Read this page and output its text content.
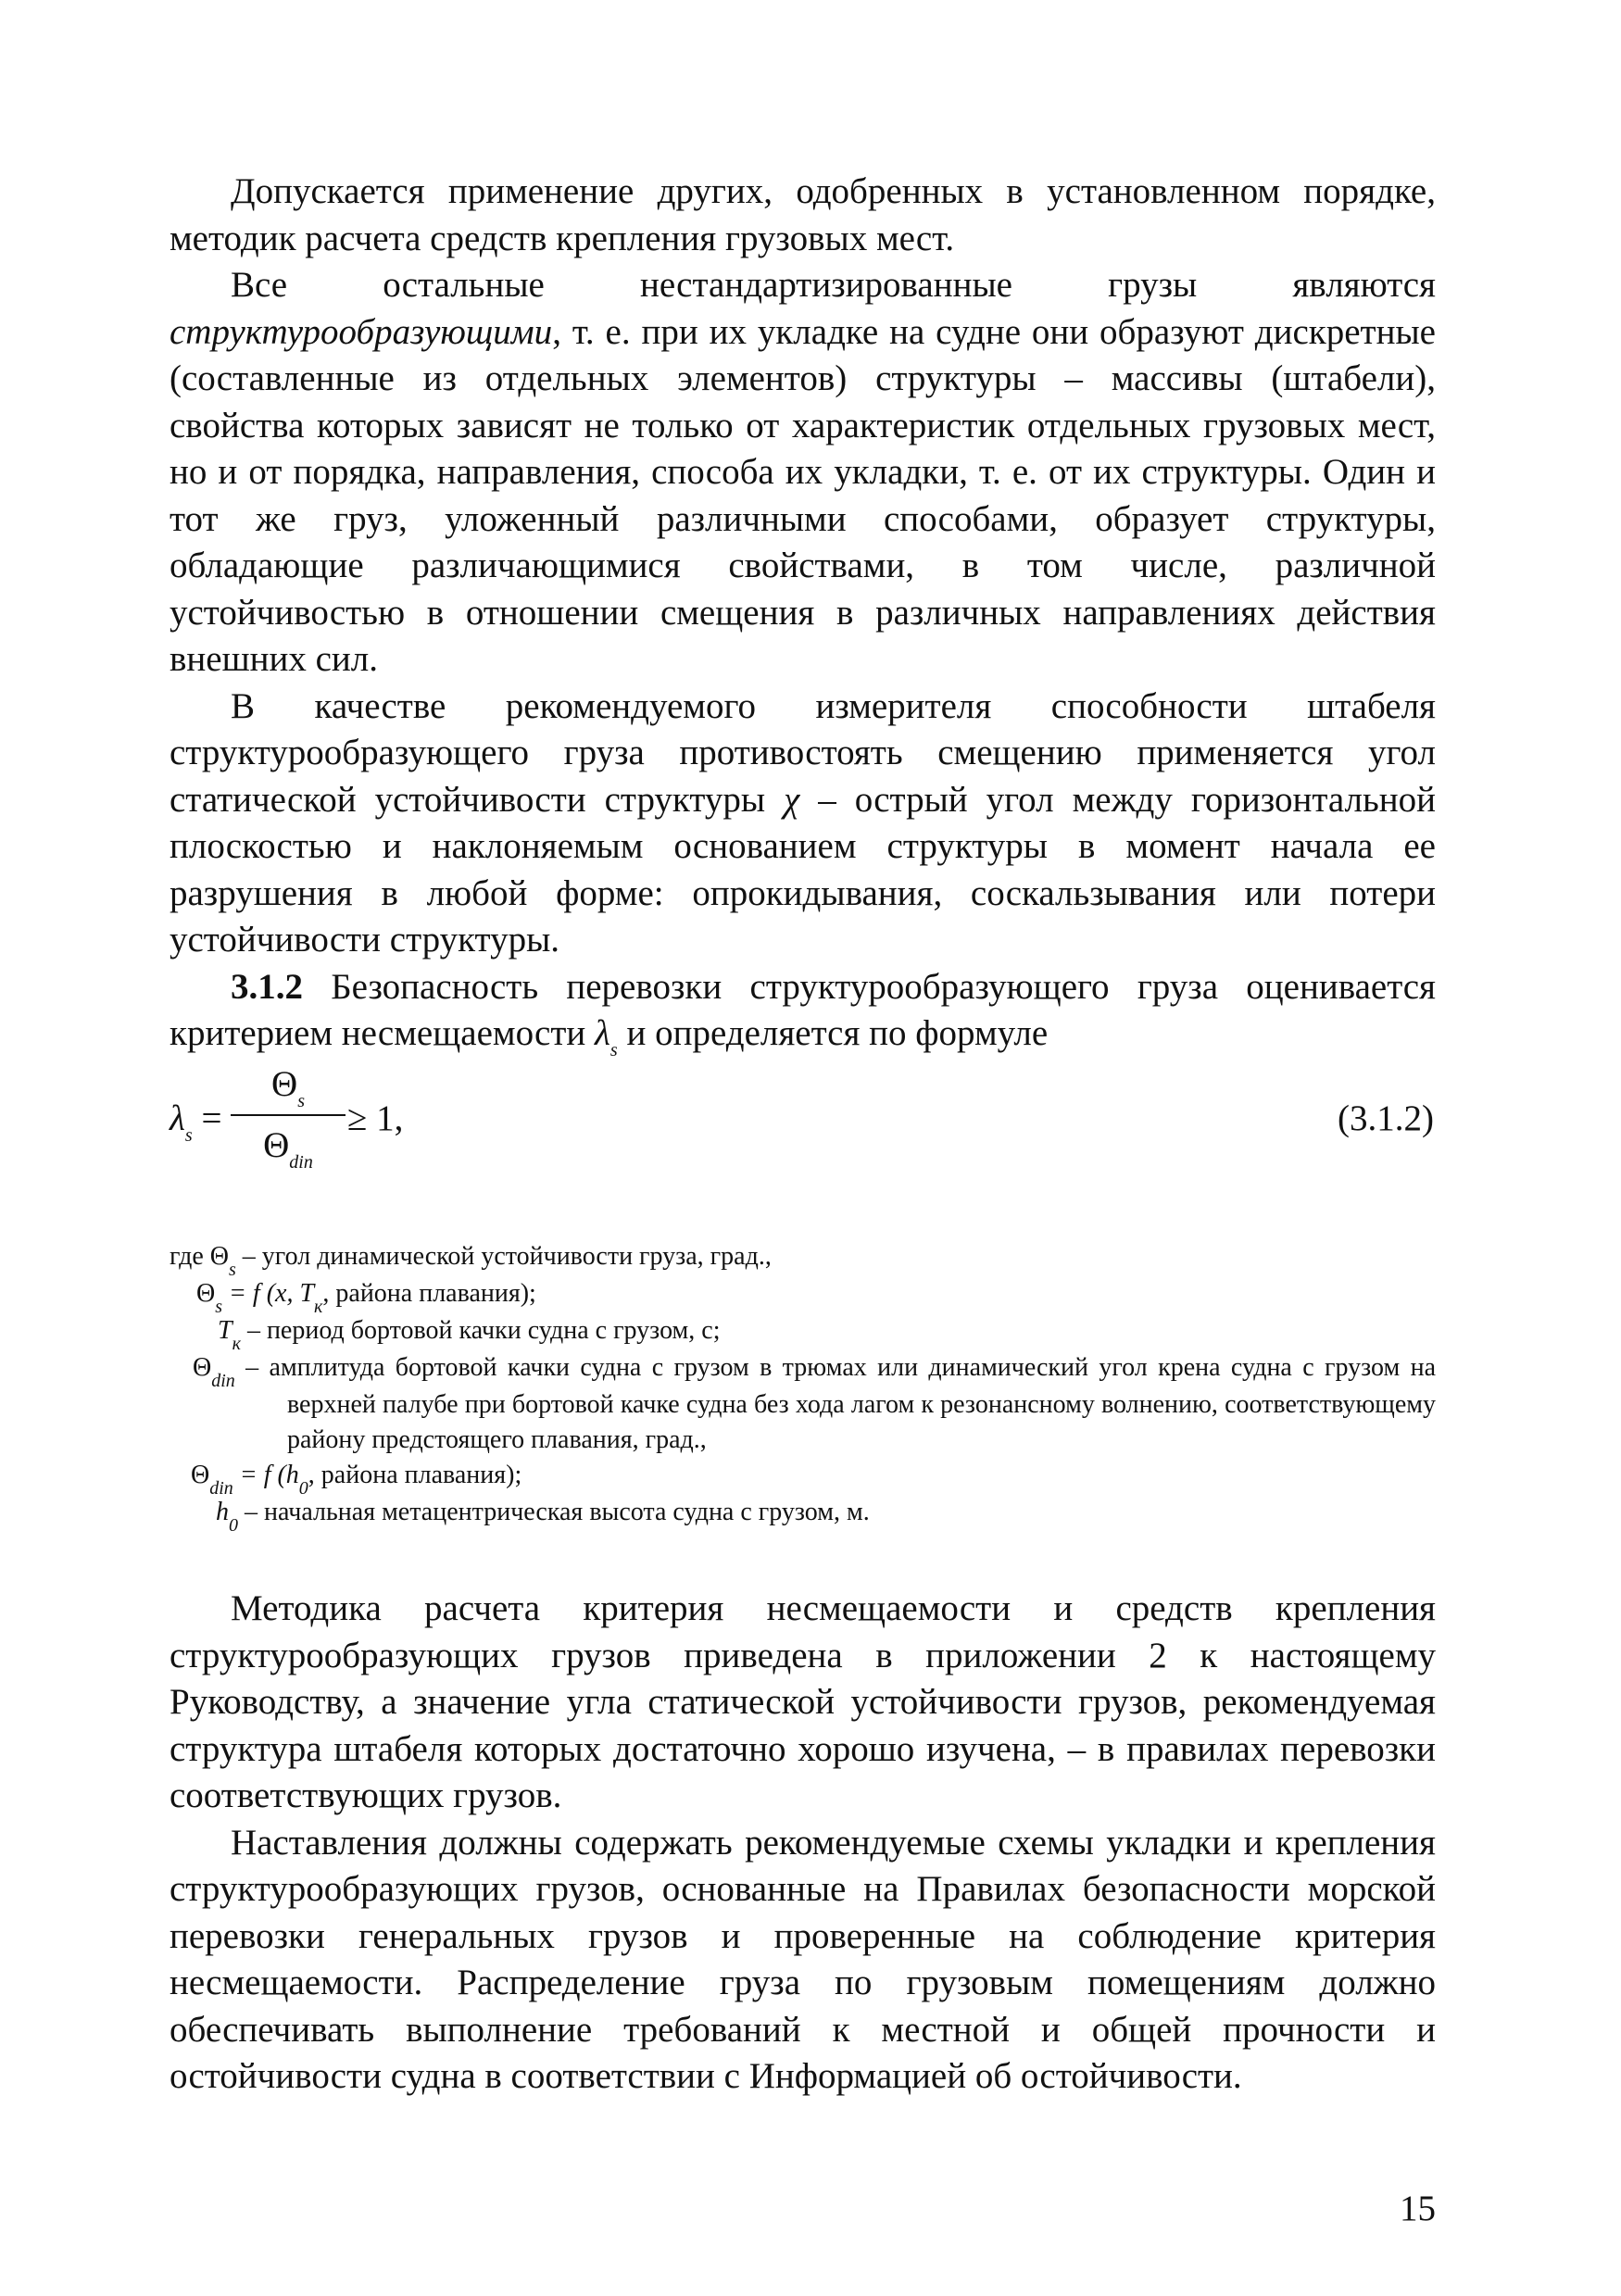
Допускается применение других, одобренных в установленном порядке, методик расчета средств крепления грузовых мест.

Все остальные нестандартизированные грузы являются структурообразующими, т. е. при их укладке на судне они образуют дискретные (составленные из отдельных элементов) структуры – массивы (штабели), свойства которых зависят не только от характеристик отдельных грузовых мест, но и от порядка, направления, способа их укладки, т. е. от их структуры. Один и тот же груз, уложенный различными способами, образует структуры, обладающие различающимися свойствами, в том числе, различной устойчивостью в отношении смещения в различных направлениях действия внешних сил.

В качестве рекомендуемого измерителя способности штабеля структурообразующего груза противостоять смещению применяется угол статической устойчивости структуры χ – острый угол между горизонтальной плоскостью и наклоняемым основанием структуры в момент начала ее разрушения в любой форме: опрокидывания, соскальзывания или потери устойчивости структуры.

3.1.2 Безопасность перевозки структурообразующего груза оценивается критерием несмещаемости $\lambda_s$ и определяется по формуле

$\lambda_s$ =
$\Theta_s$
$\Theta_{din}$
≥ 1,	(3.1.2)

где $\Theta_s$ – угол динамической устойчивости груза, град.,

$\Theta_s = f$ (x, $T_к$, района плавания);

$T_к$ – период бортовой качки судна с грузом, с;

$\Theta_{din}$ – амплитуда бортовой качки судна с грузом в трюмах или динамический угол крена судна с грузом на верхней палубе при бортовой качке судна без хода лагом к резонансному волнению, соответствующему району предстоящего плавания, град.,

$\Theta_{din} = f$ ($h_0$, района плавания);

$h_0$ – начальная метацентрическая высота судна с грузом, м.

Методика расчета критерия несмещаемости и средств крепления структурообразующих грузов приведена в приложении 2 к настоящему Руководству, а значение угла статической устойчивости грузов, рекомендуемая структура штабеля которых достаточно хорошо изучена, – в правилах перевозки соответствующих грузов.

Наставления должны содержать рекомендуемые схемы укладки и крепления структурообразующих грузов, основанные на Правилах безопасности морской перевозки генеральных грузов и проверенные на соблюдение критерия несмещаемости. Распределение груза по грузовым помещениям должно обеспечивать выполнение требований к местной и общей прочности и остойчивости судна в соответствии с Информацией об остойчивости.

15
